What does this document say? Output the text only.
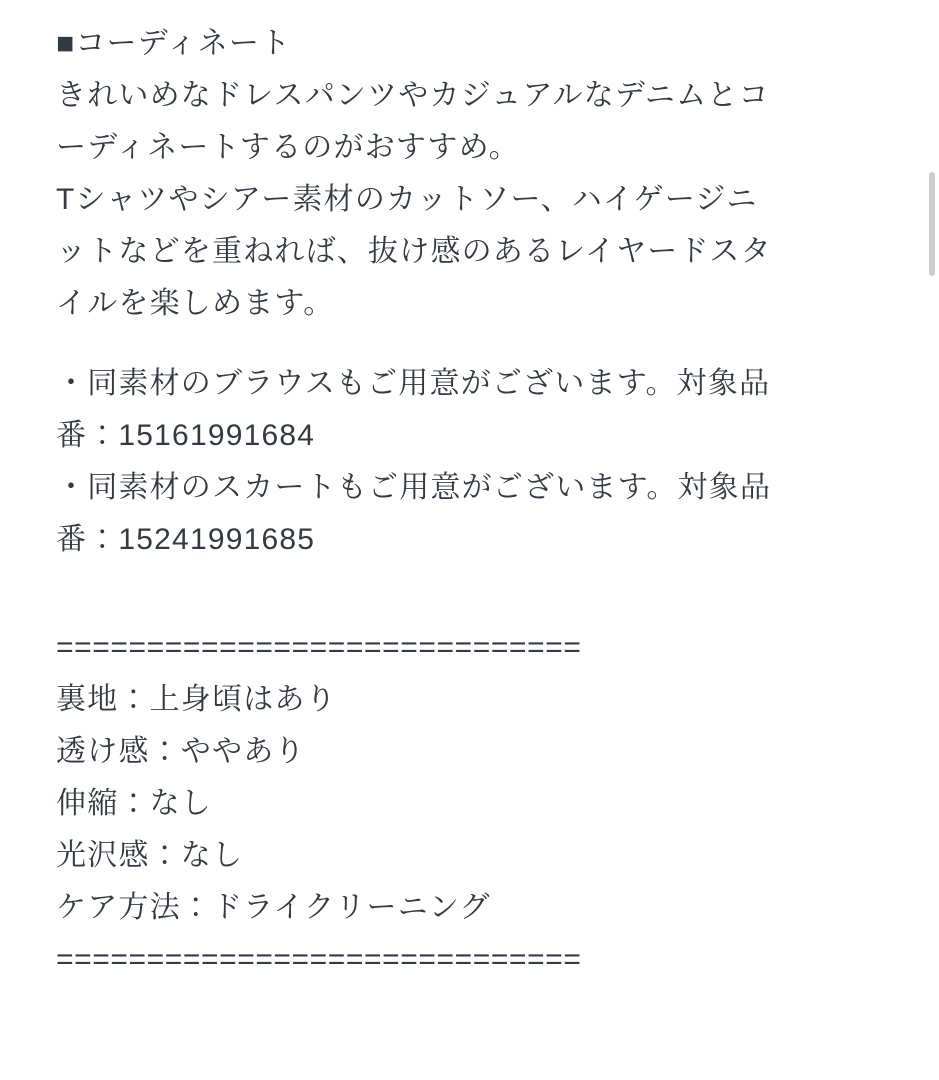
■コーディネート
きれいめなドレスパンツやカジュアルなデニムとコ
ーディネートするのがおすすめ。
Tシャツやシアー素材のカットソー、ハイゲージニ
ットなどを重ねれば、抜け感のあるレイヤードスタ
イルを楽しめます。
・同素材のブラウスもご用意がございます。対象品
番：15161991684
・同素材のスカートもご用意がございます。対象品
番：15241991685
=============================
裏地：上身頃はあり
透け感：ややあり
伸縮：なし
光沢感：なし
ケア方法：ドライクリーニング
=============================
